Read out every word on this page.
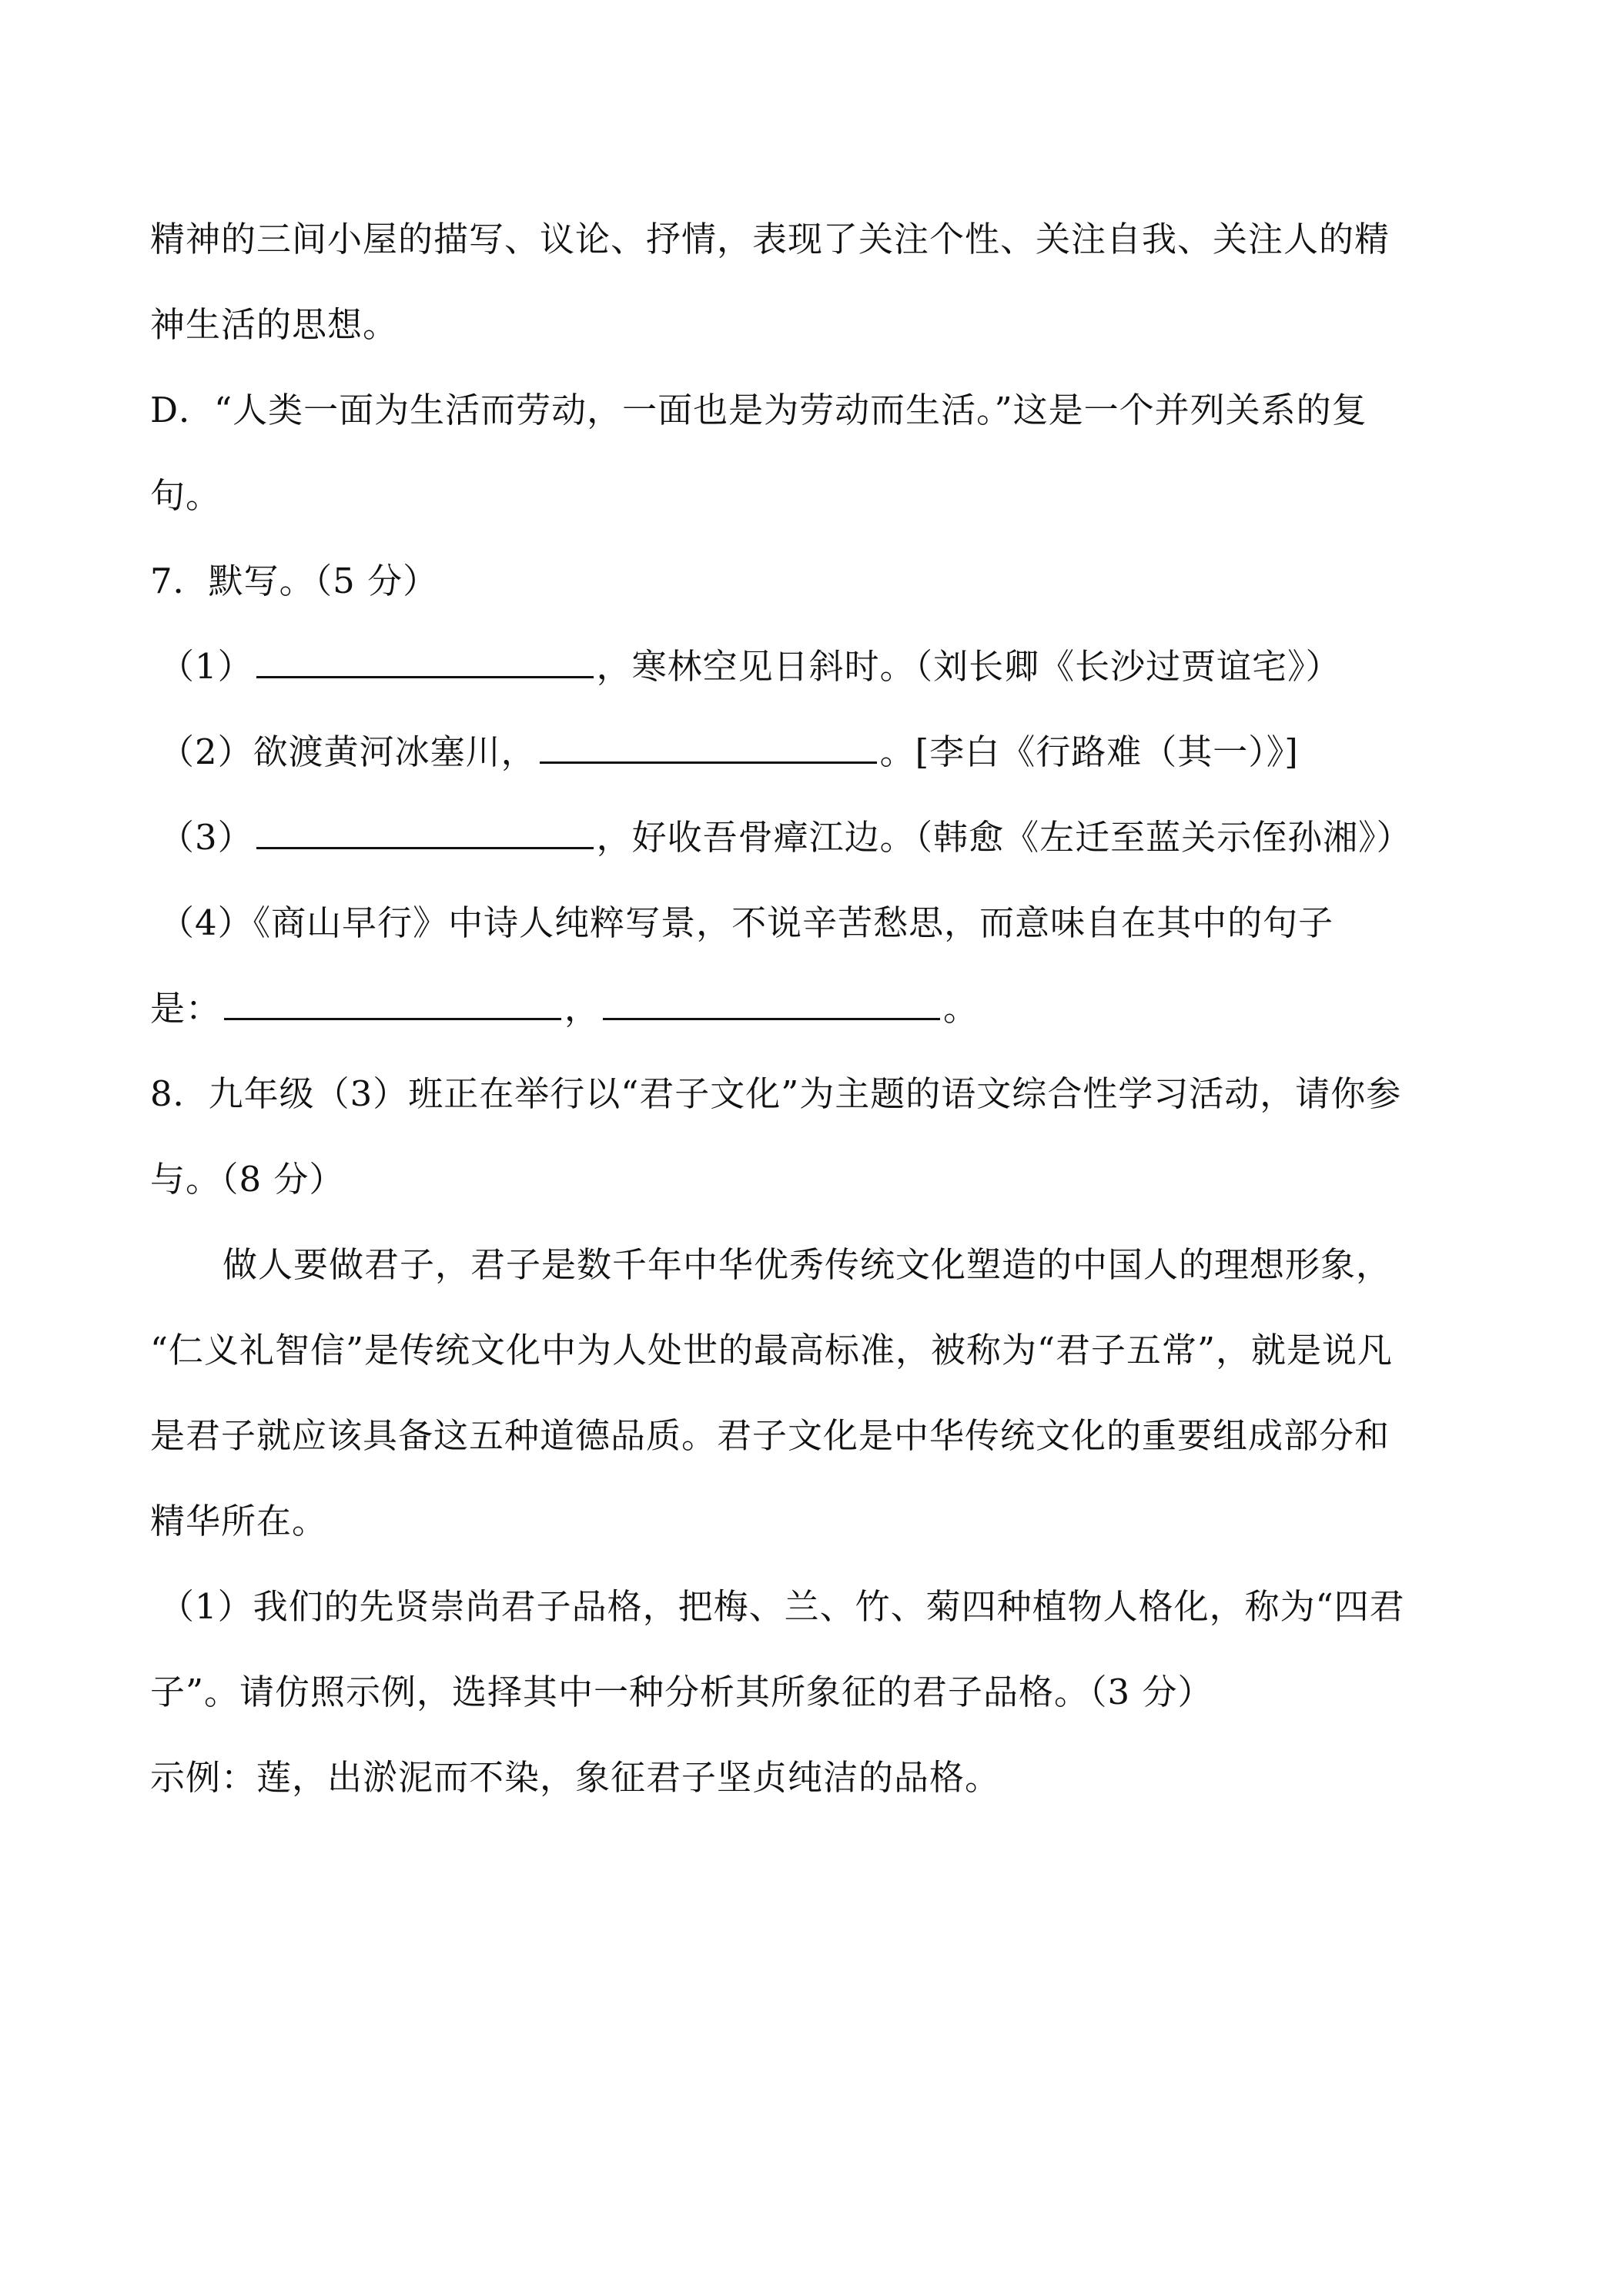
精神的三间小屋的描写、议论、抒情，表现了关注个性、关注自我、关注人的精
神生活的思想。
D．“人类一面为生活而劳动，一面也是为劳动而生活。”这是一个并列关系的复
句。
7．默写。（5 分）
（1）	，寒林空见日斜时。（刘长卿《长沙过贾谊宅》）
（2）欲渡黄河冰塞川，	。[李白《行路难（其一）》]
（3）	，好收吾骨瘴江边。（韩愈《左迁至蓝关示侄孙湘》）
（4）《商山早行》中诗人纯粹写景，不说辛苦愁思，而意味自在其中的句子
是：	，	。
8．九年级（3）班正在举行以“君子文化”为主题的语文综合性学习活动，请你参
与。（8 分）
做人要做君子，君子是数千年中华优秀传统文化塑造的中国人的理想形象，
“仁义礼智信”是传统文化中为人处世的最高标准，被称为“君子五常”，就是说凡
是君子就应该具备这五种道德品质。君子文化是中华传统文化的重要组成部分和
精华所在。
（1）我们的先贤崇尚君子品格，把梅、兰、竹、菊四种植物人格化，称为“四君
子”。请仿照示例，选择其中一种分析其所象征的君子品格。（3 分）
示例：莲，出淤泥而不染，象征君子坚贞纯洁的品格。
